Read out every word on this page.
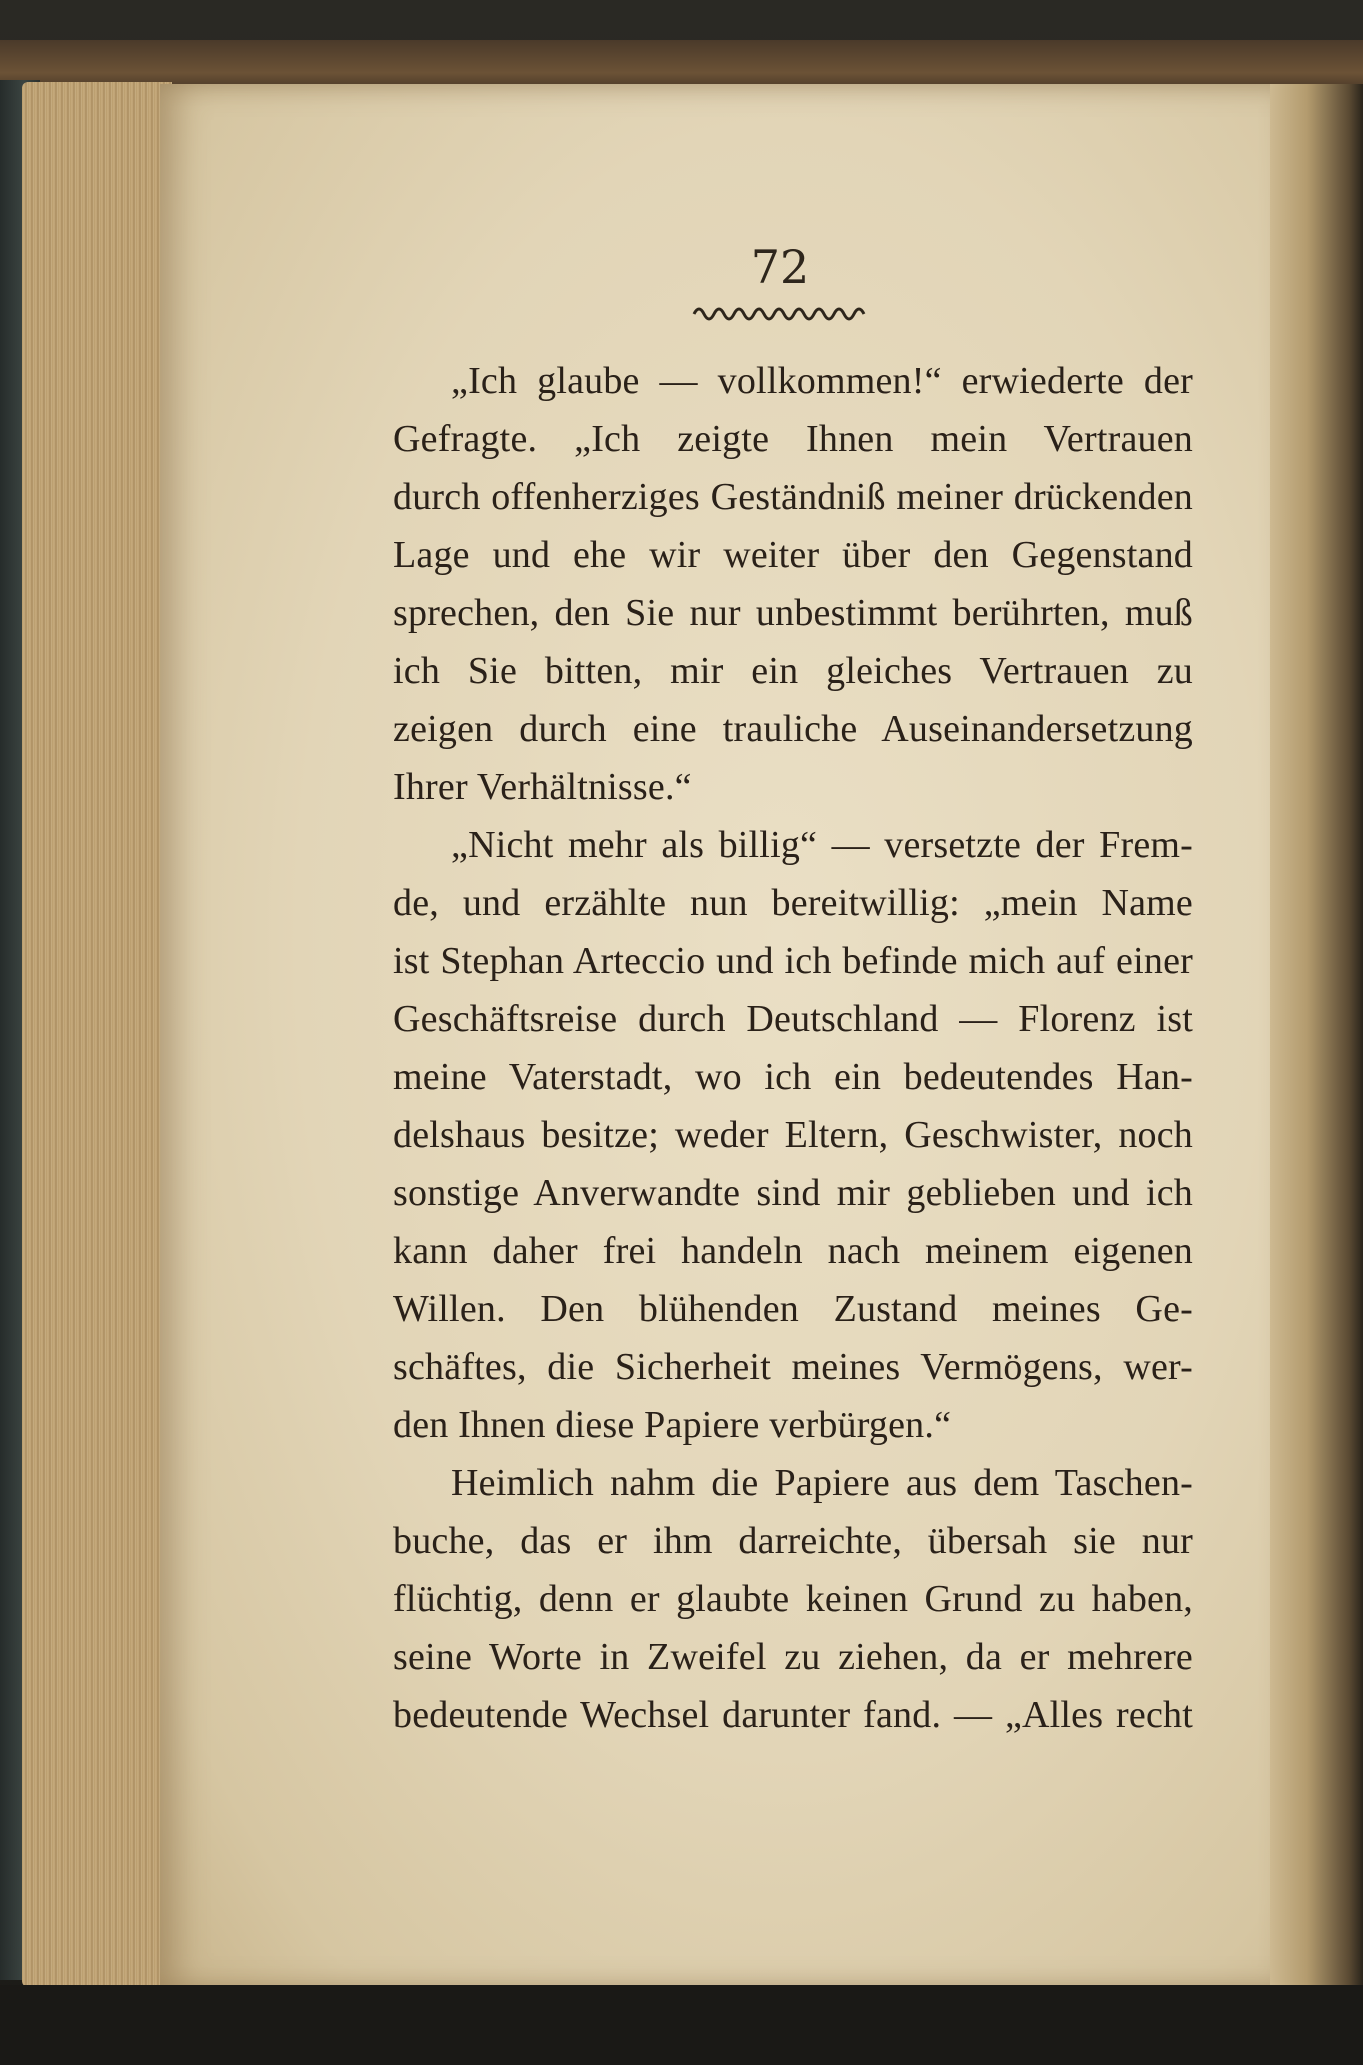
72
„Ich glaube — vollkommen!“ erwiederte der
Gefragte. „Ich zeigte Ihnen mein Vertrauen
durch offenherziges Geständniß meiner drückenden
Lage und ehe wir weiter über den Gegenstand
sprechen, den Sie nur unbestimmt berührten, muß
ich Sie bitten, mir ein gleiches Vertrauen zu
zeigen durch eine trauliche Auseinandersetzung
Ihrer Verhältnisse.“
„Nicht mehr als billig“ — versetzte der Frem-
de, und erzählte nun bereitwillig: „mein Name
ist Stephan Arteccio und ich befinde mich auf einer
Geschäftsreise durch Deutschland — Florenz ist
meine Vaterstadt, wo ich ein bedeutendes Han-
delshaus besitze; weder Eltern, Geschwister, noch
sonstige Anverwandte sind mir geblieben und ich
kann daher frei handeln nach meinem eigenen
Willen. Den blühenden Zustand meines Ge-
schäftes, die Sicherheit meines Vermögens, wer-
den Ihnen diese Papiere verbürgen.“
Heimlich nahm die Papiere aus dem Taschen-
buche, das er ihm darreichte, übersah sie nur
flüchtig, denn er glaubte keinen Grund zu haben,
seine Worte in Zweifel zu ziehen, da er mehrere
bedeutende Wechsel darunter fand. — „Alles recht
